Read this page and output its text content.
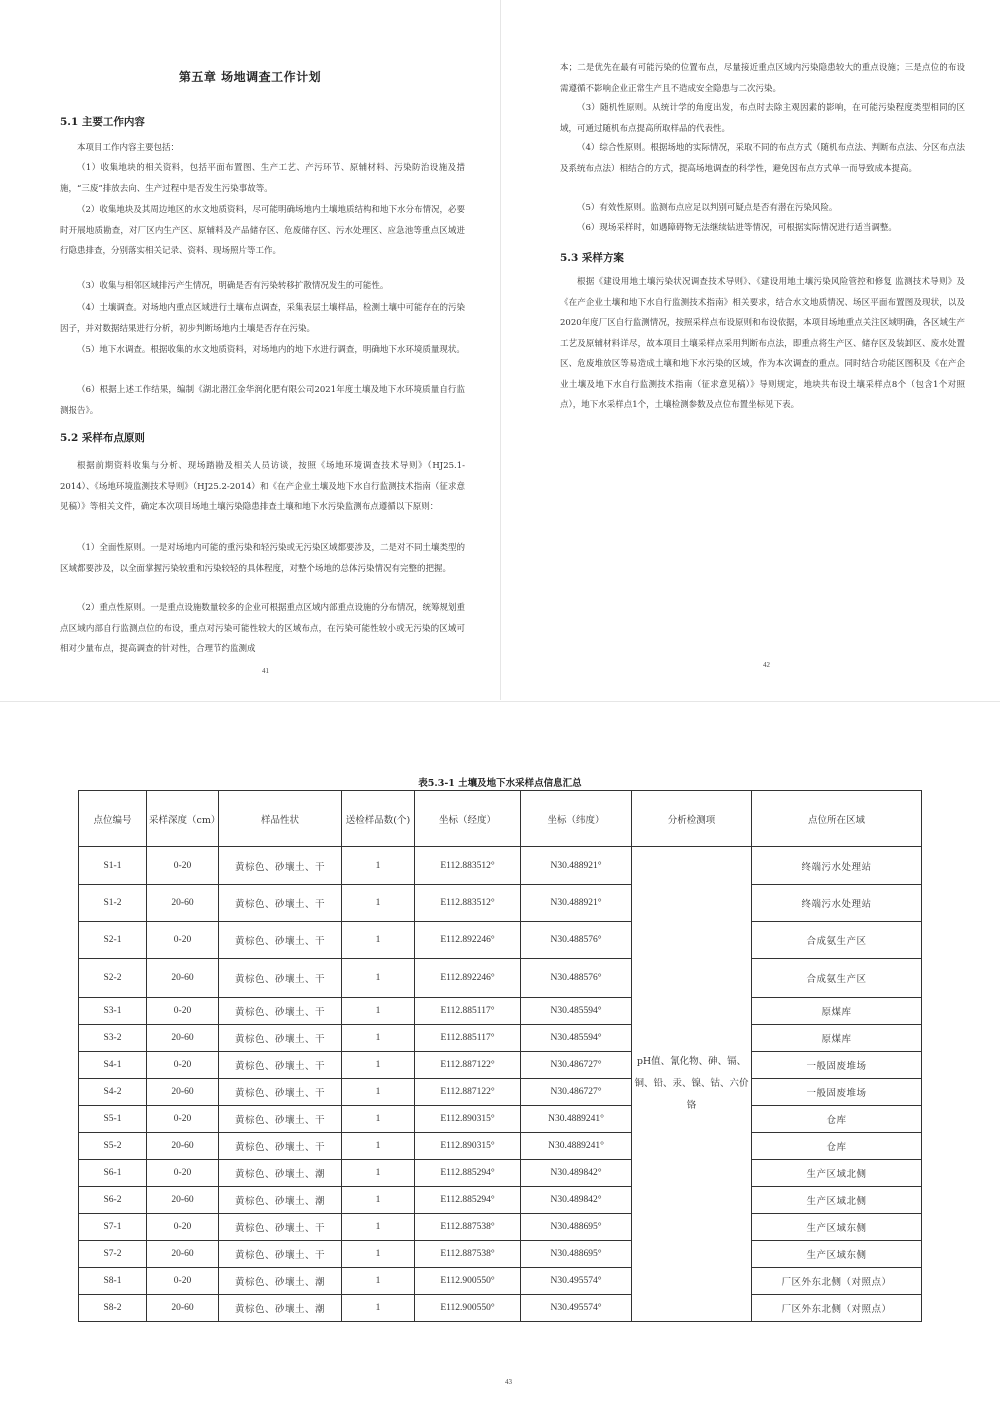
第五章 场地调查工作计划
5.1 主要工作内容

本项目工作内容主要包括：

（1）收集地块的相关资料，包括平面布置图、生产工艺、产污环节、原辅材料、污染防治设施及措施，“三废”排放去向、生产过程中是否发生污染事故等。

（2）收集地块及其周边地区的水文地质资料，尽可能明确场地内土壤地质结构和地下水分布情况，必要时开展地质勘查，对厂区内生产区、原辅料及产品储存区、危废储存区、污水处理区、应急池等重点区域进行隐患排查，分别落实相关记录、资料、现场照片等工作。

（3）收集与相邻区域排污产生情况，明确是否有污染转移扩散情况发生的可能性。

（4）土壤调查。对场地内重点区域进行土壤布点调查，采集表层土壤样品，检测土壤中可能存在的污染因子，并对数据结果进行分析，初步判断场地内土壤是否存在污染。

（5）地下水调查。根据收集的水文地质资料，对场地内的地下水进行调查，明确地下水环境质量现状。

（6）根据上述工作结果，编制《湖北潜江金华润化肥有限公司2021年度土壤及地下水环境质量自行监测报告》。

5.2 采样布点原则

根据前期资料收集与分析、现场踏勘及相关人员访谈，按照《场地环境调查技术导则》（HJ25.1-2014）、《场地环境监测技术导则》（HJ25.2-2014）和《在产企业土壤及地下水自行监测技术指南（征求意见稿）》等相关文件，确定本次项目场地土壤污染隐患排查土壤和地下水污染监测布点遵循以下原则：

（1）全面性原则。一是对场地内可能的重污染和轻污染或无污染区域都要涉及，二是对不同土壤类型的区域都要涉及，以全面掌握污染较重和污染较轻的具体程度，对整个场地的总体污染情况有完整的把握。

（2）重点性原则。一是重点设施数量较多的企业可根据重点区域内部重点设施的分布情况，统筹规划重点区域内部自行监测点位的布设，重点对污染可能性较大的区域布点，在污染可能性较小或无污染的区域可相对少量布点，提高调查的针对性，合理节约监测成

41

本；二是优先在最有可能污染的位置布点，尽量接近重点区域内污染隐患较大的重点设施；三是点位的布设需遵循不影响企业正常生产且不造成安全隐患与二次污染。

（3）随机性原则。从统计学的角度出发，布点时去除主观因素的影响，在可能污染程度类型相同的区域，可通过随机布点提高所取样品的代表性。

（4）综合性原则。根据场地的实际情况，采取不同的布点方式（随机布点法、判断布点法、分区布点法及系统布点法）相结合的方式，提高场地调查的科学性，避免因布点方式单一而导致成本提高。

（5）有效性原则。监测布点应足以判别可疑点是否有潜在污染风险。

（6）现场采样时，如遇障碍物无法继续钻进等情况，可根据实际情况进行适当调整。

5.3 采样方案

根据《建设用地土壤污染状况调查技术导则》、《建设用地土壤污染风险管控和修复 监测技术导则》及《在产企业土壤和地下水自行监测技术指南》相关要求，结合水文地质情况、场区平面布置图及现状，以及2020年度厂区自行监测情况，按照采样点布设原则和布设依据，本项目场地重点关注区域明确，各区域生产工艺及原辅材料详尽，故本项目土壤采样点采用判断布点法，即重点将生产区、储存区及装卸区、废水处置区、危废堆放区等易造成土壤和地下水污染的区域，作为本次调查的重点。同时结合功能区图积及《在产企业土壤及地下水自行监测技术指南（征求意见稿）》导则规定，地块共布设土壤采样点8个（包含1个对照点），地下水采样点1个，土壤检测参数及点位布置坐标见下表。

42
表5.3-1 土壤及地下水采样点信息汇总
点位编号	采样深度（cm）	样品性状	送检样品数(个)	坐标（经度）	坐标（纬度）	分析检测项	点位所在区域
S1-1	0-20	黄棕色、砂壤土、干	1	E112.883512°	N30.488921°	pH值、氰化物、砷、镉、铜、铅、汞、镍、钴、六价铬	终端污水处理站
S1-2	20-60	黄棕色、砂壤土、干	1	E112.883512°	N30.488921°		终端污水处理站
S2-1	0-20	黄棕色、砂壤土、干	1	E112.892246°	N30.488576°		合成氨生产区
S2-2	20-60	黄棕色、砂壤土、干	1	E112.892246°	N30.488576°		合成氨生产区
S3-1	0-20	黄棕色、砂壤土、干	1	E112.885117°	N30.485594°		原煤库
S3-2	20-60	黄棕色、砂壤土、干	1	E112.885117°	N30.485594°		原煤库
S4-1	0-20	黄棕色、砂壤土、干	1	E112.887122°	N30.486727°		一般固废堆场
S4-2	20-60	黄棕色、砂壤土、干	1	E112.887122°	N30.486727°		一般固废堆场
S5-1	0-20	黄棕色、砂壤土、干	1	E112.890315°	N30.4889241°		仓库
S5-2	20-60	黄棕色、砂壤土、干	1	E112.890315°	N30.4889241°		仓库
S6-1	0-20	黄棕色、砂壤土、潮	1	E112.885294°	N30.489842°		生产区域北侧
S6-2	20-60	黄棕色、砂壤土、潮	1	E112.885294°	N30.489842°		生产区域北侧
S7-1	0-20	黄棕色、砂壤土、干	1	E112.887538°	N30.488695°		生产区域东侧
S7-2	20-60	黄棕色、砂壤土、干	1	E112.887538°	N30.488695°		生产区域东侧
S8-1	0-20	黄棕色、砂壤土、潮	1	E112.900550°	N30.495574°		厂区外东北侧（对照点）
S8-2	20-60	黄棕色、砂壤土、潮	1	E112.900550°	N30.495574°		厂区外东北侧（对照点）
43
